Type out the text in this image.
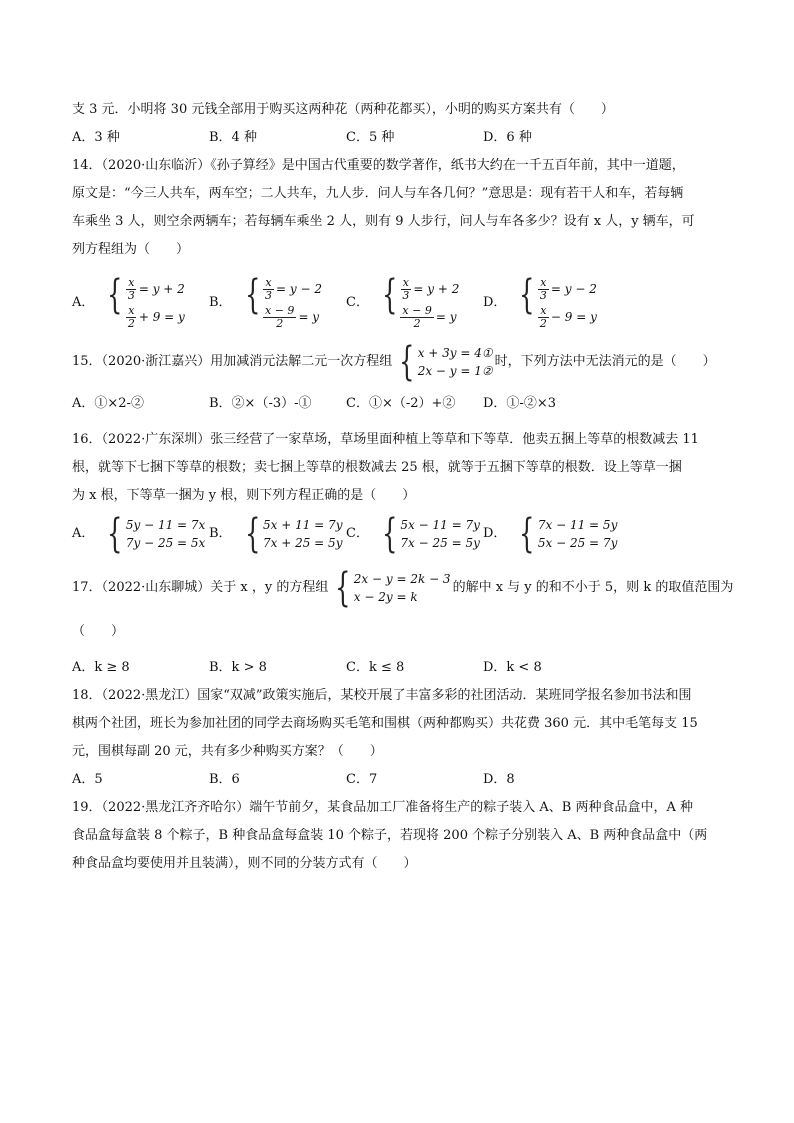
支 3 元．小明将 30 元钱全部用于购买这两种花（两种花都买），小明的购买方案共有（　　）
A．3 种	B．4 种	C．5 种	D．6 种
14．（2020·山东临沂）《孙子算经》是中国古代重要的数学著作，纸书大约在一千五百年前，其中一道题，
原文是：“今三人共车，两车空；二人共车，九人步．问人与车各几何？”意思是：现有若干人和车，若每辆
车乘坐 3 人，则空余两辆车；若每辆车乘坐 2 人，则有 9 人步行，问人与车各多少？设有 x 人，y 辆车，可
列方程组为（　　）
A． { $\frac{x}{3} = y + 2$
$\frac{x}{2} + 9 = y$
B． { $\frac{x}{3} = y - 2$
$\frac{x - 9}{2} = y$
C． { $\frac{x}{3} = y + 2$
$\frac{x - 9}{2} = y$
D． { $\frac{x}{3} = y - 2$
$\frac{x}{2} - 9 = y$
15．（2020·浙江嘉兴）用加减消元法解二元一次方程组 { x + 3y = 4①
2x − y = 1②
时，下列方法中无法消元的是（　　）
A．①×2-②	B．②×（-3）-①	C．①×（-2）+②	D．①-②×3
16．（2022·广东深圳）张三经营了一家草场，草场里面种植上等草和下等草．他卖五捆上等草的根数减去 11
根，就等下七捆下等草的根数；卖七捆上等草的根数减去 25 根，就等于五捆下等草的根数．设上等草一捆
为 x 根，下等草一捆为 y 根，则下列方程正确的是（　　）
A． { 5y − 11 = 7x
7y − 25 = 5x
B． { 5x + 11 = 7y
7x + 25 = 5y
C． { 5x − 11 = 7y
7x − 25 = 5y
D． { 7x − 11 = 5y
5x − 25 = 7y
17．（2022·山东聊城）关于 x ，y 的方程组 { 2x − y = 2k − 3
x − 2y = k
的解中 x 与 y 的和不小于 5，则 k 的取值范围为
（　　）
A．k ≥ 8	B．k > 8	C．k ≤ 8	D．k < 8
18．（2022·黑龙江）国家“双减”政策实施后，某校开展了丰富多彩的社团活动．某班同学报名参加书法和围
棋两个社团，班长为参加社团的同学去商场购买毛笔和围棋（两种都购买）共花费 360 元．其中毛笔每支 15
元，围棋每副 20 元，共有多少种购买方案？（　　）
A．5	B．6	C．7	D．8
19．（2022·黑龙江齐齐哈尔）端午节前夕，某食品加工厂准备将生产的粽子装入 A、B 两种食品盒中，A 种
食品盒每盒装 8 个粽子，B 种食品盒每盒装 10 个粽子，若现将 200 个粽子分别装入 A、B 两种食品盒中（两
种食品盒均要使用并且装满），则不同的分装方式有（　　）
